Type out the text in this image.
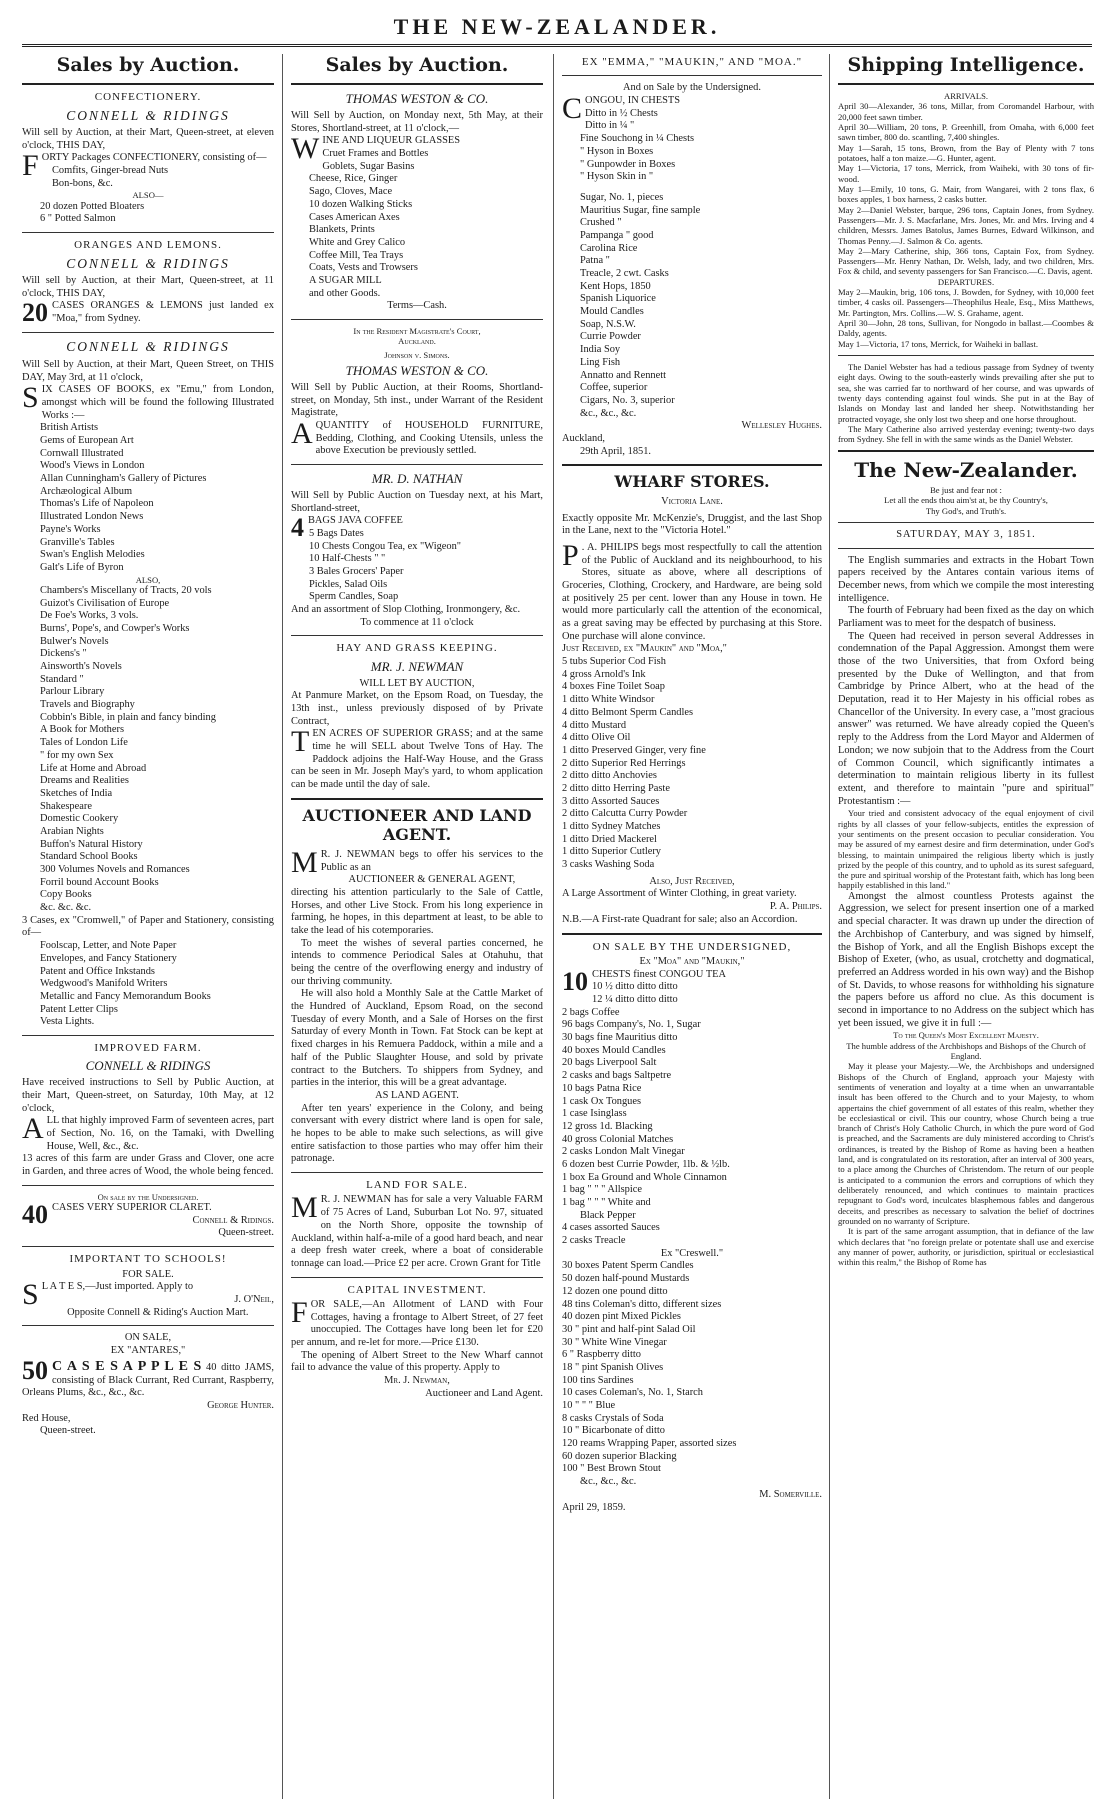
THE NEW-ZEALANDER.
Sales by Auction.
CONFECTIONERY.
CONNELL & RIDINGS

Will sell by Auction, at their Mart, Queen-street, at eleven o'clock, THIS DAY,

FORTY Packages CONFECTIONERY, consisting of—

Comfits, Ginger-bread Nuts
Bon-bons, &c.
ALSO—
20 dozen Potted Bloaters
6 " Potted Salmon
ORANGES AND LEMONS.
CONNELL & RIDINGS

Will sell by Auction, at their Mart, Queen-street, at 11 o'clock, THIS DAY,

20 CASES ORANGES & LEMONS just landed ex "Moa," from Sydney.

CONNELL & RIDINGS

Will Sell by Auction, at their Mart, Queen Street, on THIS DAY, May 3rd, at 11 o'clock,

SIX CASES OF BOOKS, ex "Emu," from London, amongst which will be found the following Illustrated Works :—

British Artists
Gems of European Art
Cornwall Illustrated
Wood's Views in London
Allan Cunningham's Gallery of Pictures
Archæological Album
Thomas's Life of Napoleon
Illustrated London News
Payne's Works
Granville's Tables
Swan's English Melodies
Galt's Life of Byron
ALSO,
Chambers's Miscellany of Tracts, 20 vols
Guizot's Civilisation of Europe
De Foe's Works, 3 vols.
Burns', Pope's, and Cowper's Works
Bulwer's Novels
Dickens's "
Ainsworth's Novels
Standard "
Parlour Library
Travels and Biography
Cobbin's Bible, in plain and fancy binding
A Book for Mothers
Tales of London Life
" for my own Sex
Life at Home and Abroad
Dreams and Realities
Sketches of India
Shakespeare
Domestic Cookery
Arabian Nights
Buffon's Natural History
Standard School Books
300 Volumes Novels and Romances
Forril bound Account Books
Copy Books
&c. &c. &c.

3 Cases, ex "Cromwell," of Paper and Stationery, consisting of—

Foolscap, Letter, and Note Paper
Envelopes, and Fancy Stationery
Patent and Office Inkstands
Wedgwood's Manifold Writers
Metallic and Fancy Memorandum Books
Patent Letter Clips
Vesta Lights.
IMPROVED FARM.
CONNELL & RIDINGS

Have received instructions to Sell by Public Auction, at their Mart, Queen-street, on Saturday, 10th May, at 12 o'clock,

ALL that highly improved Farm of seventeen acres, part of Section, No. 16, on the Tamaki, with Dwelling House, Well, &c., &c.

13 acres of this farm are under Grass and Clover, one acre in Garden, and three acres of Wood, the whole being fenced.

On sale by the Undersigned.

40 CASES VERY SUPERIOR CLARET.

Connell & Ridings.
Queen-street.
IMPORTANT TO SCHOOLS!
FOR SALE.

S L A T E S,—Just imported. Apply to

J. O'Neil,
Opposite Connell & Riding's Auction Mart.
ON SALE,
EX "ANTARES,"

50 C A S E S A P P L E S 40 ditto JAMS, consisting of Black Currant, Red Currant, Raspberry, Orleans Plums, &c., &c., &c.

George Hunter.
Red House,
Queen-street.
Sales by Auction.
THOMAS WESTON & CO.

Will Sell by Auction, on Monday next, 5th May, at their Stores, Shortland-street, at 11 o'clock,—

WINE AND LIQUEUR GLASSES

Cruet Frames and Bottles
Goblets, Sugar Basins
Cheese, Rice, Ginger
Sago, Cloves, Mace
10 dozen Walking Sticks
Cases American Axes
Blankets, Prints
White and Grey Calico
Coffee Mill, Tea Trays
Coats, Vests and Trowsers
A SUGAR MILL
and other Goods.
Terms—Cash.
In the Resident Magistrate's Court,
Auckland.
Johnson v. Simons.
THOMAS WESTON & CO.

Will Sell by Public Auction, at their Rooms, Shortland-street, on Monday, 5th inst., under Warrant of the Resident Magistrate,

AQUANTITY of HOUSEHOLD FURNITURE, Bedding, Clothing, and Cooking Utensils, unless the above Execution be previously settled.

MR. D. NATHAN

Will Sell by Public Auction on Tuesday next, at his Mart, Shortland-street,

4 BAGS JAVA COFFEE

5 Bags Dates
10 Chests Congou Tea, ex "Wigeon"
10 Half-Chests " "
3 Bales Grocers' Paper
Pickles, Salad Oils
Sperm Candles, Soap

And an assortment of Slop Clothing, Ironmongery, &c.

To commence at 11 o'clock
HAY AND GRASS KEEPING.
MR. J. NEWMAN
WILL LET BY AUCTION,

At Panmure Market, on the Epsom Road, on Tuesday, the 13th inst., unless previously disposed of by Private Contract,

TEN ACRES OF SUPERIOR GRASS; and at the same time he will SELL about Twelve Tons of Hay. The Paddock adjoins the Half-Way House, and the Grass can be seen in Mr. Joseph May's yard, to whom application can be made until the day of sale.

AUCTIONEER AND LAND AGENT.

M R. J. NEWMAN begs to offer his services to the Public as an

AUCTIONEER & GENERAL AGENT,

directing his attention particularly to the Sale of Cattle, Horses, and other Live Stock. From his long experience in farming, he hopes, in this department at least, to be able to take the lead of his cotemporaries.

To meet the wishes of several parties concerned, he intends to commence Periodical Sales at Otahuhu, that being the centre of the overflowing energy and industry of our thriving community.

He will also hold a Monthly Sale at the Cattle Market of the Hundred of Auckland, Epsom Road, on the second Tuesday of every Month, and a Sale of Horses on the first Saturday of every Month in Town. Fat Stock can be kept at fixed charges in his Remuera Paddock, within a mile and a half of the Public Slaughter House, and sold by private contract to the Butchers. To shippers from Sydney, and parties in the interior, this will be a great advantage.

AS LAND AGENT.

After ten years' experience in the Colony, and being conversant with every district where land is open for sale, he hopes to be able to make such selections, as will give entire satisfaction to those parties who may offer him their patronage.

LAND FOR SALE.

M R. J. NEWMAN has for sale a very Valuable FARM of 75 Acres of Land, Suburban Lot No. 97, situated on the North Shore, opposite the township of Auckland, within half-a-mile of a good hard beach, and near a deep fresh water creek, where a boat of considerable tonnage can load.—Price £2 per acre. Crown Grant for Title

CAPITAL INVESTMENT.

FOR SALE,—An Allotment of LAND with Four Cottages, having a frontage to Albert Street, of 27 feet unoccupied. The Cottages have long been let for £20 per annum, and re-let for more.—Price £130.

The opening of Albert Street to the New Wharf cannot fail to advance the value of this property. Apply to

Mr. J. Newman,
Auctioneer and Land Agent.
EX "EMMA," "MAUKIN," AND "MOA."
And on Sale by the Undersigned.

CONGOU, IN CHESTS

Ditto in ½ Chests
Ditto in ¼ "
Fine Souchong in ¼ Chests
" Hyson in Boxes
" Gunpowder in Boxes
" Hyson Skin in "
Sugar, No. 1, pieces
Mauritius Sugar, fine sample
Crushed "
Pampanga " good
Carolina Rice
Patna "
Treacle, 2 cwt. Casks
Kent Hops, 1850
Spanish Liquorice
Mould Candles
Soap, N.S.W.
Currie Powder
India Soy
Ling Fish
Annatto and Rennett
Coffee, superior
Cigars, No. 3, superior
&c., &c., &c.
Wellesley Hughes.
Auckland,
29th April, 1851.
WHARF STORES.
Victoria Lane.

Exactly opposite Mr. McKenzie's, Druggist, and the last Shop in the Lane, next to the "Victoria Hotel."

P . A. PHILIPS begs most respectfully to call the attention of the Public of Auckland and its neighbourhood, to his Stores, situate as above, where all descriptions of Groceries, Clothing, Crockery, and Hardware, are being sold at positively 25 per cent. lower than any House in town. He would more particularly call the attention of the economical, as a great saving may be effected by purchasing at this Store. One purchase will alone convince.

Just Received, ex "Maukin" and "Moa,"
5 tubs Superior Cod Fish
4 gross Arnold's Ink
4 boxes Fine Toilet Soap
1 ditto White Windsor
4 ditto Belmont Sperm Candles
4 ditto Mustard
4 ditto Olive Oil
1 ditto Preserved Ginger, very fine
2 ditto Superior Red Herrings
2 ditto ditto Anchovies
2 ditto ditto Herring Paste
3 ditto Assorted Sauces
2 ditto Calcutta Curry Powder
1 ditto Sydney Matches
1 ditto Dried Mackerel
1 ditto Superior Cutlery
3 casks Washing Soda
Also, Just Received,

A Large Assortment of Winter Clothing, in great variety.

P. A. Philips.

N.B.—A First-rate Quadrant for sale; also an Accordion.

ON SALE BY THE UNDERSIGNED,
Ex "Moa" and "Maukin,"

10 CHESTS finest CONGOU TEA

10 ½ ditto ditto ditto
12 ¼ ditto ditto ditto
2 bags Coffee
96 bags Company's, No. 1, Sugar
30 bags fine Mauritius ditto
40 boxes Mould Candles
20 bags Liverpool Salt
2 casks and bags Saltpetre
10 bags Patna Rice
1 cask Ox Tongues
1 case Isinglass
12 gross 1d. Blacking
40 gross Colonial Matches
2 casks London Malt Vinegar
6 dozen best Currie Powder, 1lb. & ½lb.
1 box Ea Ground and Whole Cinnamon
1 bag " " " Allspice
1 bag " " " White and
Black Pepper
4 cases assorted Sauces
2 casks Treacle
Ex "Creswell."
30 boxes Patent Sperm Candles
50 dozen half-pound Mustards
12 dozen one pound ditto
48 tins Coleman's ditto, different sizes
40 dozen pint Mixed Pickles
30 " pint and half-pint Salad Oil
30 " White Wine Vinegar
6 " Raspberry ditto
18 " pint Spanish Olives
100 tins Sardines
10 cases Coleman's, No. 1, Starch
10 " " " Blue
8 casks Crystals of Soda
10 " Bicarbonate of ditto
120 reams Wrapping Paper, assorted sizes
60 dozen superior Blacking
100 " Best Brown Stout
&c., &c., &c.
M. Somerville.
April 29, 1859.
Shipping Intelligence.
ARRIVALS.

April 30—Alexander, 36 tons, Millar, from Coromandel Harbour, with 20,000 feet sawn timber.

April 30—William, 20 tons, P. Greenhill, from Omaha, with 6,000 feet sawn timber, 800 do. scantling, 7,400 shingles.

May 1—Sarah, 15 tons, Brown, from the Bay of Plenty with 7 tons potatoes, half a ton maize.—G. Hunter, agent.

May 1—Victoria, 17 tons, Merrick, from Waiheki, with 30 tons of fir-wood.

May 1—Emily, 10 tons, G. Mair, from Wangarei, with 2 tons flax, 6 boxes apples, 1 box harness, 2 casks butter.

May 2—Daniel Webster, barque, 296 tons, Captain Jones, from Sydney. Passengers—Mr. J. S. Macfarlane, Mrs. Jones, Mr. and Mrs. Irving and 4 children, Messrs. James Batolus, James Burnes, Edward Wilkinson, and Thomas Penny.—J. Salmon & Co. agents.

May 2—Mary Catherine, ship, 366 tons, Captain Fox, from Sydney. Passengers—Mr. Henry Nathan, Dr. Welsh, lady, and two children, Mrs. Fox & child, and seventy passengers for San Francisco.—C. Davis, agent.

DEPARTURES.

May 2—Maukin, brig, 106 tons, J. Bowden, for Sydney, with 10,000 feet timber, 4 casks oil. Passengers—Theophilus Heale, Esq., Miss Matthews, Mr. Partington, Mrs. Collins.—W. S. Grahame, agent.

April 30—John, 28 tons, Sullivan, for Nongodo in ballast.—Coombes & Daldy, agents.

May 1—Victoria, 17 tons, Merrick, for Waiheki in ballast.

The Daniel Webster has had a tedious passage from Sydney of twenty eight days. Owing to the south-easterly winds prevailing after she put to sea, she was carried far to northward of her course, and was upwards of twenty days contending against foul winds. She put in at the Bay of Islands on Monday last and landed her sheep. Notwithstanding her protracted voyage, she only lost two sheep and one horse throughout.

The Mary Catherine also arrived yesterday evening; twenty-two days from Sydney. She fell in with the same winds as the Daniel Webster.

The New-Zealander.
Be just and fear not :
Let all the ends thou aim'st at, be thy Country's,
Thy God's, and Truth's.
SATURDAY, MAY 3, 1851.

The English summaries and extracts in the Hobart Town papers received by the Antares contain various items of December news, from which we compile the most interesting intelligence.

The fourth of February had been fixed as the day on which Parliament was to meet for the despatch of business.

The Queen had received in person several Addresses in condemnation of the Papal Aggression. Amongst them were those of the two Universities, that from Oxford being presented by the Duke of Wellington, and that from Cambridge by Prince Albert, who at the head of the Deputation, read it to Her Majesty in his official robes as Chancellor of the University. In every case, a "most gracious answer" was returned. We have already copied the Queen's reply to the Address from the Lord Mayor and Aldermen of London; we now subjoin that to the Address from the Court of Common Council, which significantly intimates a determination to maintain religious liberty in its fullest extent, and therefore to maintain "pure and spiritual" Protestantism :—

Your tried and consistent advocacy of the equal enjoyment of civil rights by all classes of your fellow-subjects, entitles the expression of your sentiments on the present occasion to peculiar consideration. You may be assured of my earnest desire and firm determination, under God's blessing, to maintain unimpaired the religious liberty which is justly prized by the people of this country, and to uphold as its surest safeguard, the pure and spiritual worship of the Protestant faith, which has long been happily established in this land."

Amongst the almost countless Protests against the Aggression, we select for present insertion one of a marked and special character. It was drawn up under the direction of the Archbishop of Canterbury, and was signed by himself, the Bishop of York, and all the English Bishops except the Bishop of Exeter, (who, as usual, crotchetty and dogmatical, preferred an Address worded in his own way) and the Bishop of St. Davids, to whose reasons for withholding his signature the papers before us afford no clue. As this document is second in importance to no Address on the subject which has yet been issued, we give it in full :—

To the Queen's Most Excellent Majesty.
The humble address of the Archbishops and Bishops of the Church of England.

May it please your Majesty.—We, the Archbishops and undersigned Bishops of the Church of England, approach your Majesty with sentiments of veneration and loyalty at a time when an unwarrantable insult has been offered to the Church and to your Majesty, to whom appertains the chief government of all estates of this realm, whether they be ecclesiastical or civil. This our country, whose Church being a true branch of Christ's Holy Catholic Church, in which the pure word of God is preached, and the Sacraments are duly ministered according to Christ's ordinances, is treated by the Bishop of Rome as having been a heathen land, and is congratulated on its restoration, after an interval of 300 years, to a place among the Churches of Christendom. The return of our people is anticipated to a communion the errors and corruptions of which they deliberately renounced, and which continues to maintain practices repugnant to God's word, inculcates blasphemous fables and dangerous deceits, and prescribes as necessary to salvation the belief of doctrines grounded on no warranty of Scripture.

It is part of the same arrogant assumption, that in defiance of the law which declares that "no foreign prelate or potentate shall use and exercise any manner of power, authority, or jurisdiction, spiritual or ecclesiastical within this realm," the Bishop of Rome has
